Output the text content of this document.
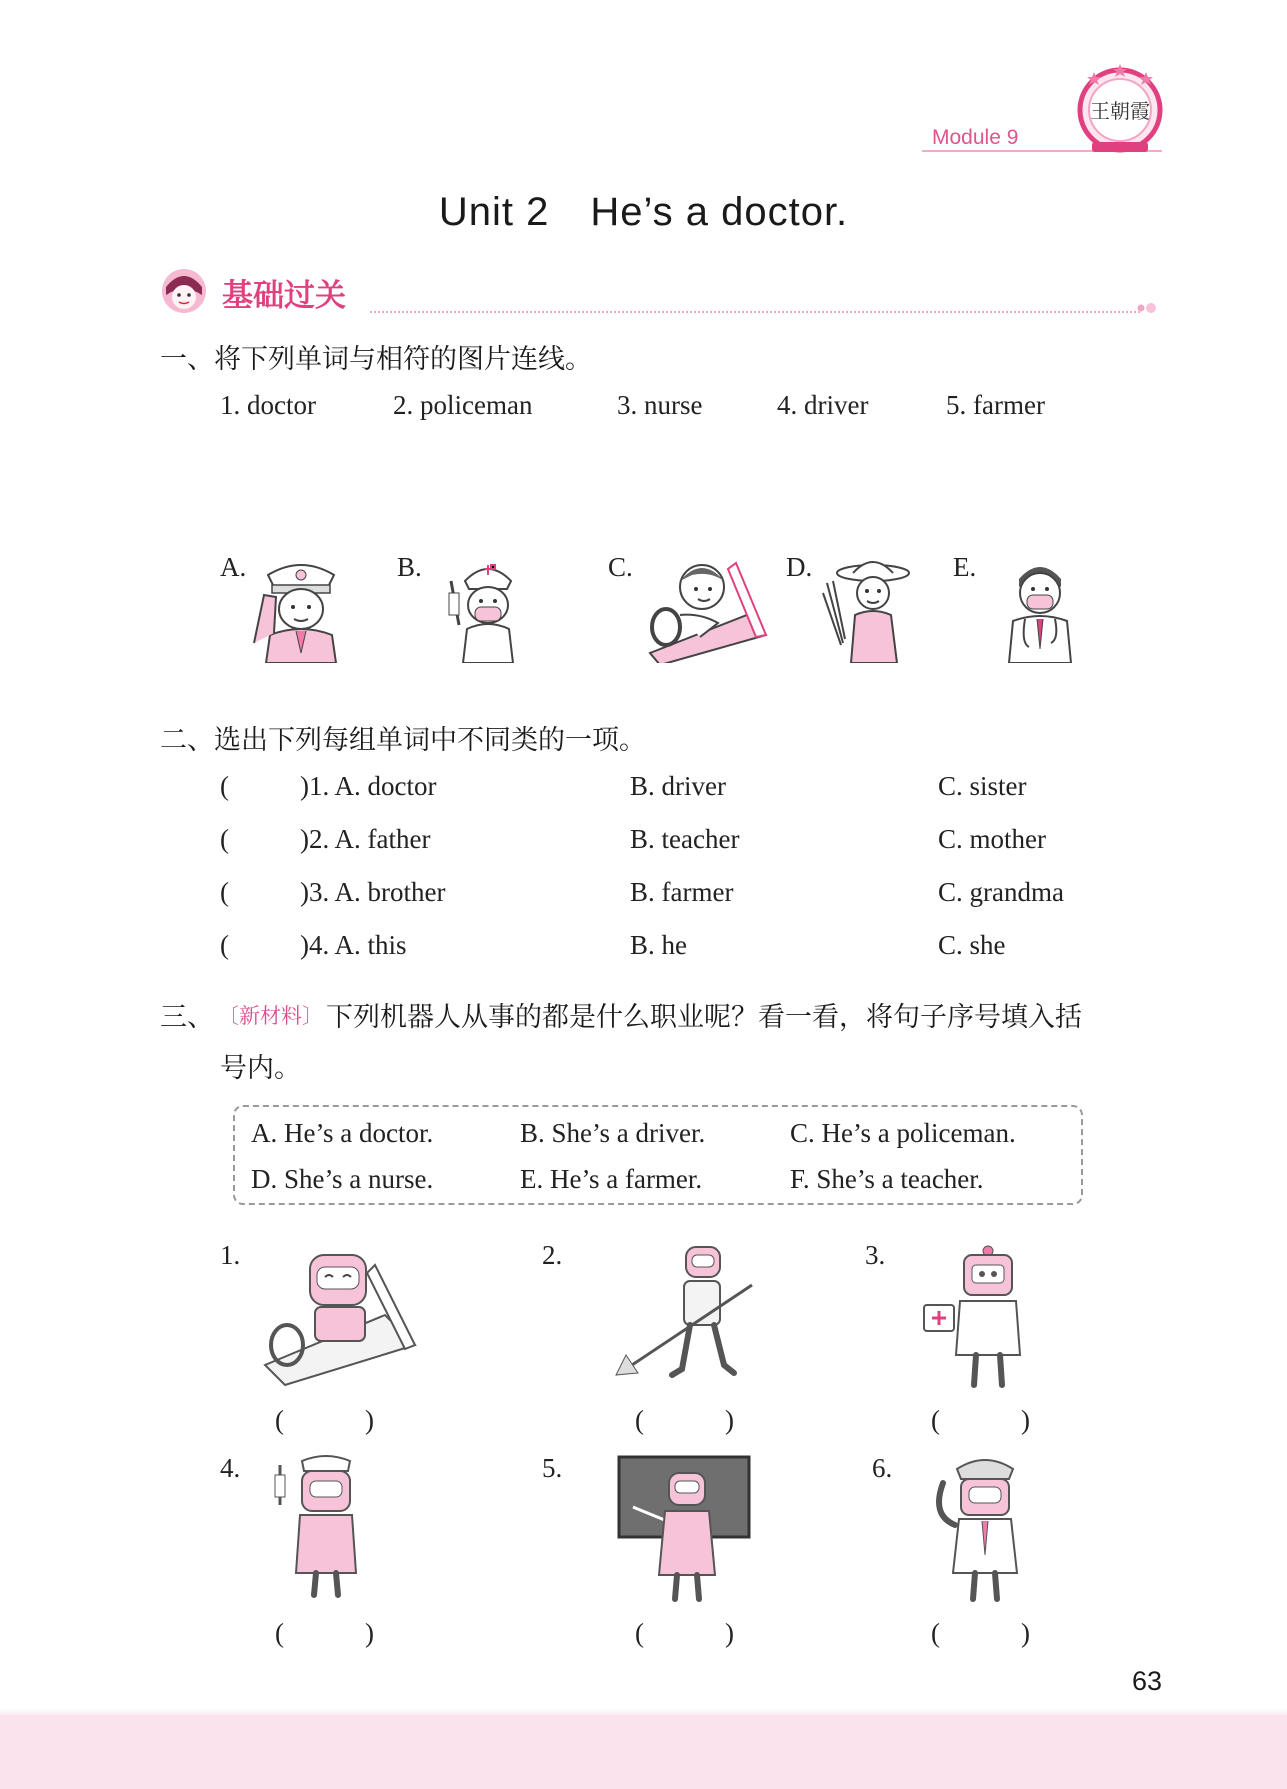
Module 9
王朝霞
Unit 2　He’s a doctor.
基础过关
一、将下列单词与相符的图片连线。
1. doctor	2. policeman	3. nurse	4. driver	5. farmer
A.	B.	C.	D.	E.
二、选出下列每组单词中不同类的一项。
(	)1. A. doctor	B. driver	C. sister
(	)2. A. father	B. teacher	C. mother
(	)3. A. brother	B. farmer	C. grandma
(	)4. A. this	B. he	C. she
三、 〔新材料〕 下列机器人从事的都是什么职业呢？看一看，将句子序号填入括
号内。
A. He’s a doctor.	B. She’s a driver.	C. He’s a policeman.
D. She’s a nurse.	E. He’s a farmer.	F. She’s a teacher.
1.
(　　　)
2.
(　　　)
3.
(　　　)
4.
(　　　)
5.
(　　　)
6.
(　　　)
63
